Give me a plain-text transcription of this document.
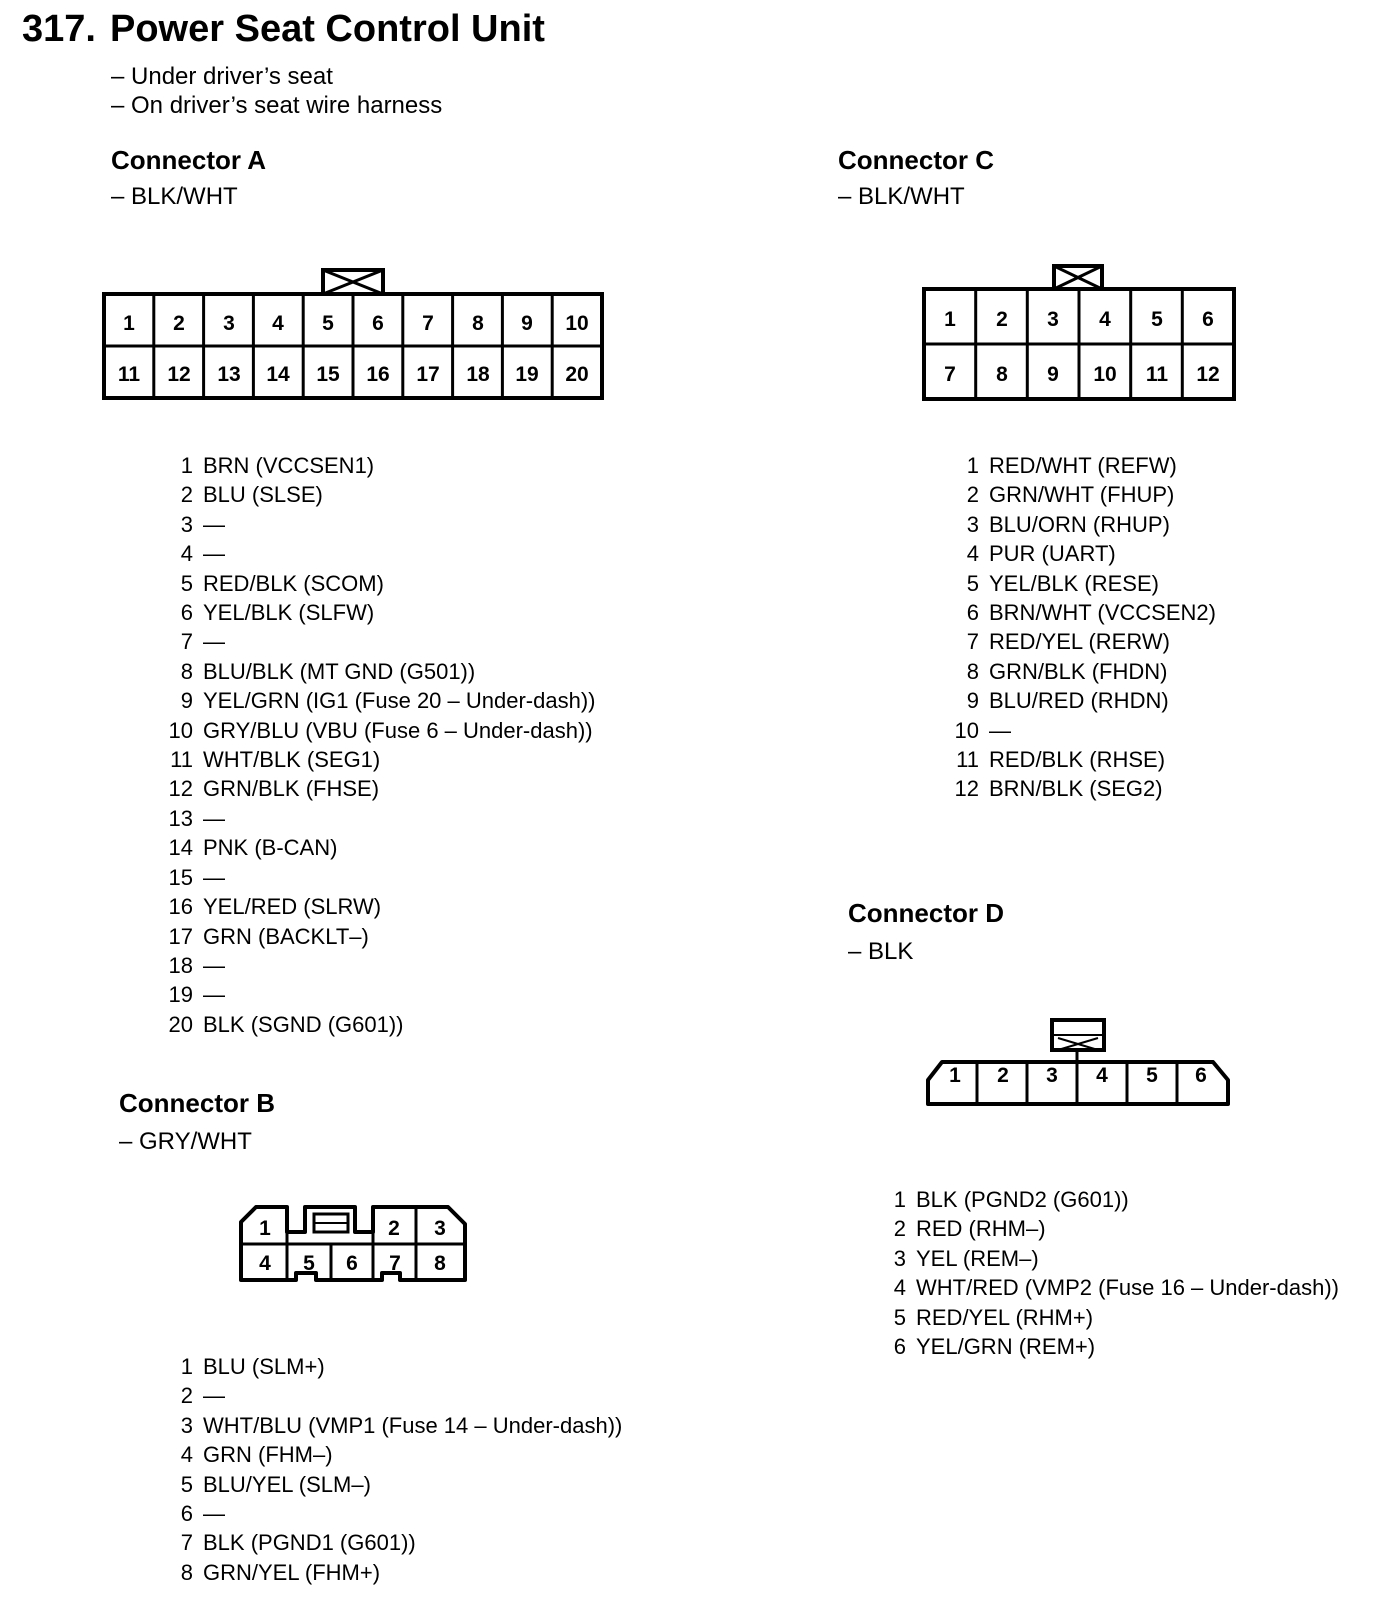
317. Power Seat Control Unit
– Under driver’s seat
– On driver’s seat wire harness
Connector A
– BLK/WHT
Connector C
– BLK/WHT
Connector B
– GRY/WHT
Connector D
– BLK
1 2 3 4 5 6 7 8 9 10
11 12 13 14 15 16 17 18 19 20
1 2 3 4 5 6
7 8 9 10 11 12
1	2 3
4 5 6 7 8
1 2 3 4 5 6
1 BRN (VCCSEN1)
2 BLU (SLSE)
3 —
4 —
5 RED/BLK (SCOM)
6 YEL/BLK (SLFW)
7 —
8 BLU/BLK (MT GND (G501))
9 YEL/GRN (IG1 (Fuse 20 – Under-dash))
10 GRY/BLU (VBU (Fuse 6 – Under-dash))
11 WHT/BLK (SEG1)
12 GRN/BLK (FHSE)
13 —
14 PNK (B-CAN)
15 —
16 YEL/RED (SLRW)
17 GRN (BACKLT–)
18 —
19 —
20 BLK (SGND (G601))
1 RED/WHT (REFW)
2 GRN/WHT (FHUP)
3 BLU/ORN (RHUP)
4 PUR (UART)
5 YEL/BLK (RESE)
6 BRN/WHT (VCCSEN2)
7 RED/YEL (RERW)
8 GRN/BLK (FHDN)
9 BLU/RED (RHDN)
10 —
11 RED/BLK (RHSE)
12 BRN/BLK (SEG2)
1 BLU (SLM+)
2 —
3 WHT/BLU (VMP1 (Fuse 14 – Under-dash))
4 GRN (FHM–)
5 BLU/YEL (SLM–)
6 —
7 BLK (PGND1 (G601))
8 GRN/YEL (FHM+)
1 BLK (PGND2 (G601))
2 RED (RHM–)
3 YEL (REM–)
4 WHT/RED (VMP2 (Fuse 16 – Under-dash))
5 RED/YEL (RHM+)
6 YEL/GRN (REM+)
